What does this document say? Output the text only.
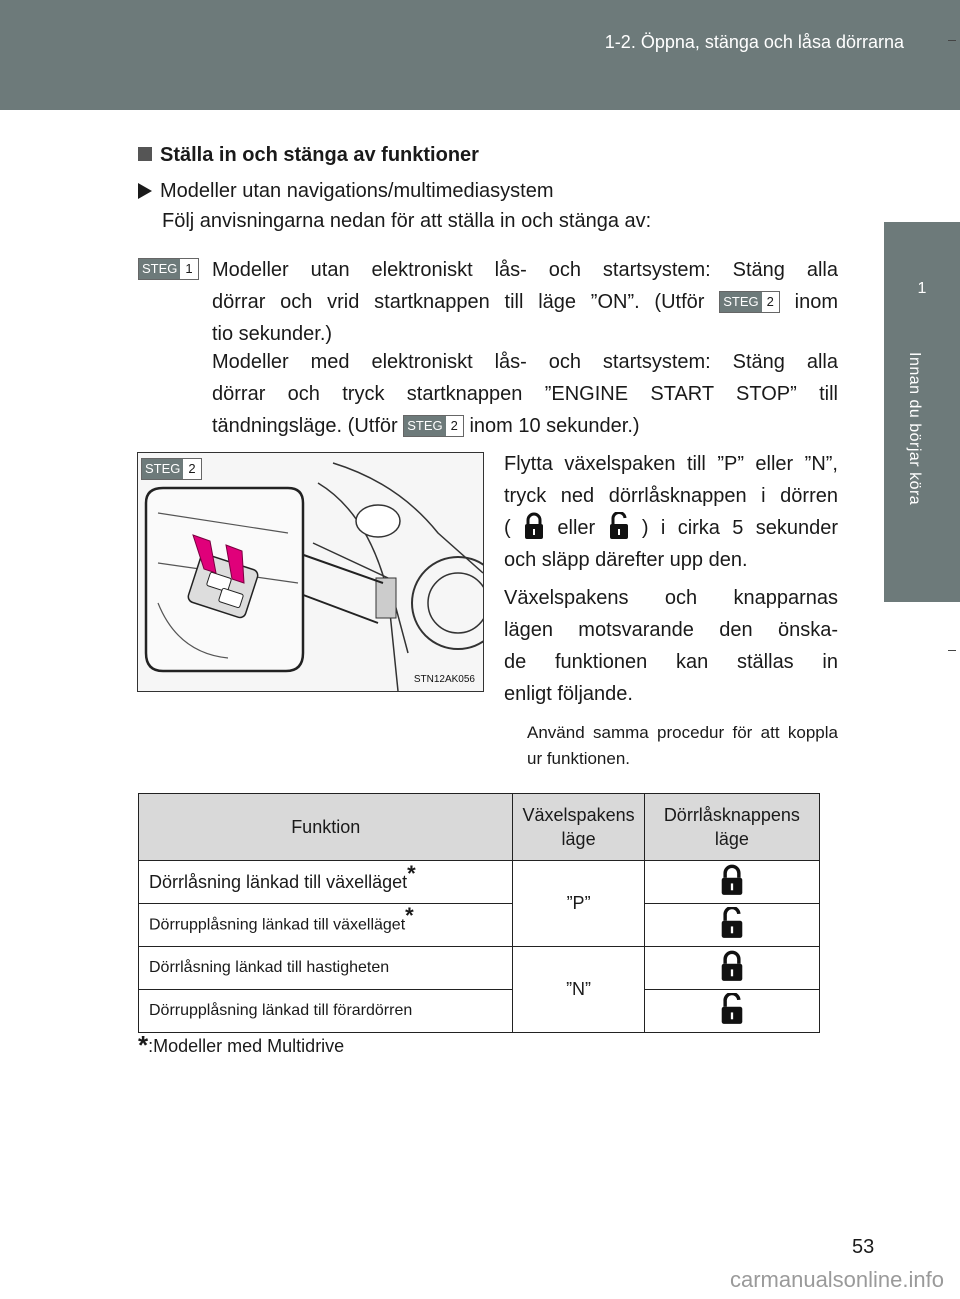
1-2. Öppna, stänga och låsa dörrarna
1
Innan du börjar köra
Ställa in och stänga av funktioner
Modeller utan navigations/multimediasystem
Följ anvisningarna nedan för att ställa in och stänga av:
STEG 1 Modeller utan elektroniskt lås- och startsystem: Stäng alla
dörrar och vrid startknappen till läge ”ON”. (Utför STEG 2 inom
tio sekunder.)
Modeller med elektroniskt lås- och startsystem: Stäng alla
dörrar och tryck startknappen ”ENGINE START STOP” till
tändningsläge. (Utför STEG 2 inom 10 sekunder.)
STEG 2
STN12AK056
Flytta växelspaken till ”P” eller ”N”,
tryck ned dörrlåsknappen i dörren
( eller ) i cirka 5 sekunder
och släpp därefter upp den.
Växelspakens och knapparnas
lägen motsvarande den önska-
de funktionen kan ställas in
enligt följande.
Använd samma procedur för att koppla ur funktionen.
Funktion	Växelspakens läge	Dörrlåsknappens läge
Dörrlåsning länkad till växelläget*	”P”	
Dörrupplåsning länkad till växelläget*	
Dörrlåsning länkad till hastigheten	”N”	
Dörrupplåsning länkad till förardörren	
*:Modeller med Multidrive
53
carmanualsonline.info
